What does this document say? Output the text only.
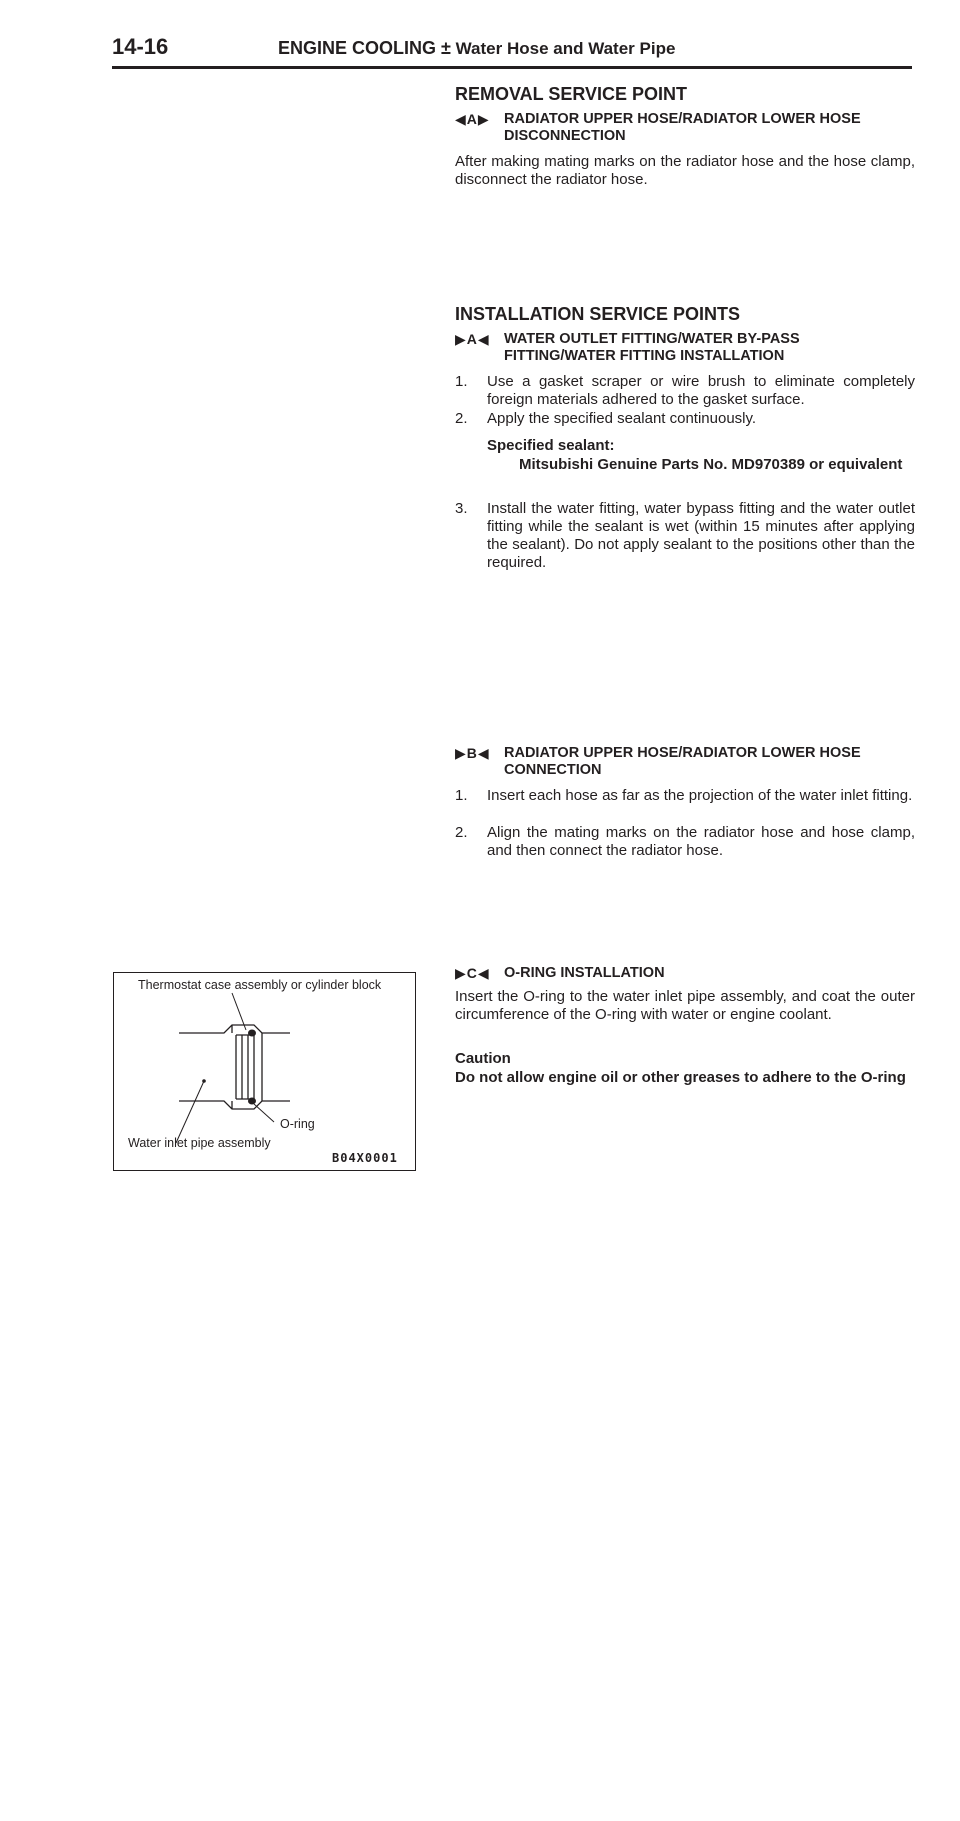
14-16	ENGINE COOLING ± Water Hose and Water Pipe
REMOVAL SERVICE POINT
◀A▶ RADIATOR UPPER HOSE/RADIATOR LOWER HOSE DISCONNECTION
After making mating marks on the radiator hose and the hose clamp, disconnect the radiator hose.
INSTALLATION SERVICE POINTS
▶A◀ WATER OUTLET FITTING/WATER BY-PASS FITTING/WATER FITTING INSTALLATION
1. Use a gasket scraper or wire brush to eliminate completely foreign materials adhered to the gasket surface.
2. Apply the specified sealant continuously.
Specified sealant:
Mitsubishi Genuine Parts No. MD970389 or equivalent
3. Install the water fitting, water bypass fitting and the water outlet fitting while the sealant is wet (within 15 minutes after applying the sealant). Do not apply sealant to the positions other than the required.
▶B◀ RADIATOR UPPER HOSE/RADIATOR LOWER HOSE CONNECTION
1. Insert each hose as far as the projection of the water inlet fitting.
2. Align the mating marks on the radiator hose and hose clamp, and then connect the radiator hose.
▶C◀ O-RING INSTALLATION
Insert the O-ring to the water inlet pipe assembly, and coat the outer circumference of the O-ring with water or engine coolant.
Caution
Do not allow engine oil or other greases to adhere to the O-ring
Thermostat case assembly or cylinder block
O-ring
Water inlet pipe assembly
B04X0001
